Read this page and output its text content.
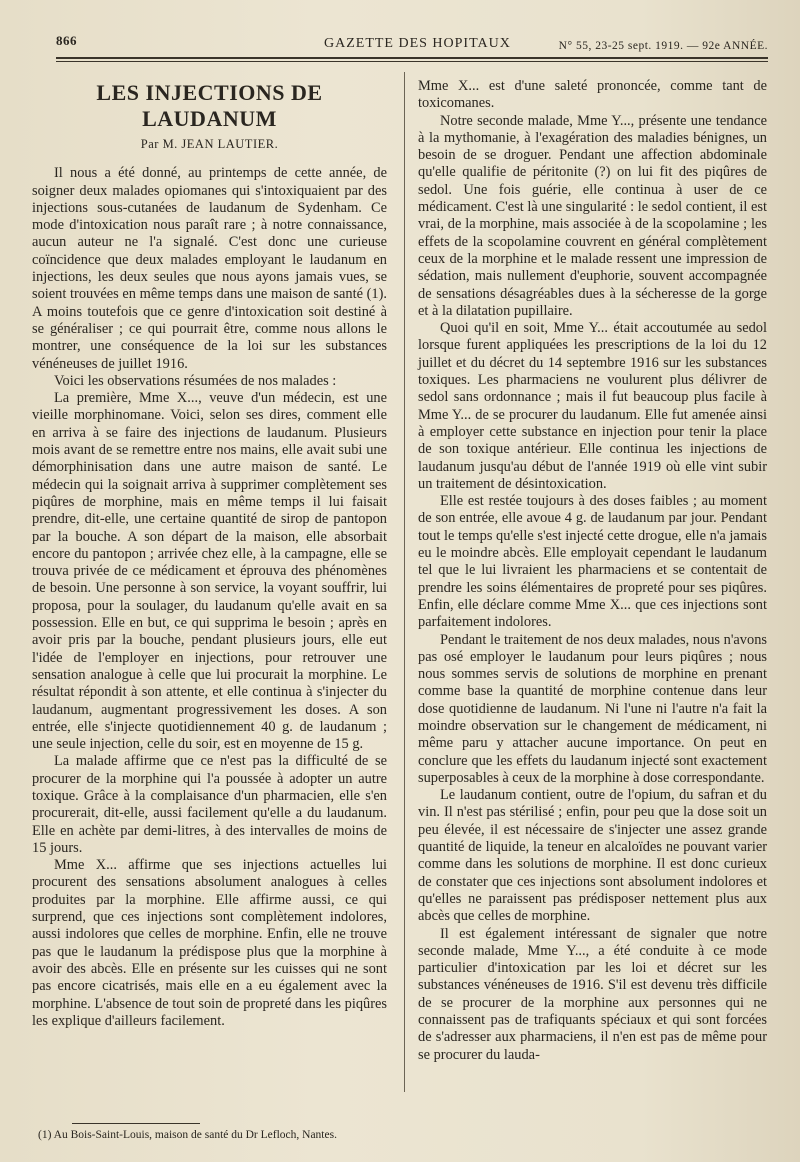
866	GAZETTE DES HOPITAUX	N° 55, 23-25 sept. 1919. — 92e ANNÉE.

LES INJECTIONS DE LAUDANUM

Par M. JEAN LAUTIER.

Il nous a été donné, au printemps de cette année, de soigner deux malades opiomanes qui s'intoxiquaient par des injections sous-cutanées de laudanum de Sydenham. Ce mode d'intoxication nous paraît rare ; à notre connaissance, aucun auteur ne l'a signalé. C'est donc une curieuse coïncidence que deux malades employant le laudanum en injections, les deux seules que nous ayons jamais vues, se soient trouvées en même temps dans une maison de santé (1). A moins toutefois que ce genre d'intoxication soit destiné à se généraliser ; ce qui pourrait être, comme nous allons le montrer, une conséquence de la loi sur les substances vénéneuses de juillet 1916.

Voici les observations résumées de nos malades :

La première, Mme X..., veuve d'un médecin, est une vieille morphinomane. Voici, selon ses dires, comment elle en arriva à se faire des injections de laudanum. Plusieurs mois avant de se remettre entre nos mains, elle avait subi une démorphinisation dans une autre maison de santé. Le médecin qui la soignait arriva à supprimer complètement ses piqûres de morphine, mais en même temps il lui faisait prendre, dit-elle, une certaine quantité de sirop de pantopon par la bouche. A son départ de la maison, elle absorbait encore du pantopon ; arrivée chez elle, à la campagne, elle se trouva privée de ce médicament et éprouva des phénomènes de besoin. Une personne à son service, la voyant souffrir, lui proposa, pour la soulager, du laudanum qu'elle avait en sa possession. Elle en but, ce qui supprima le besoin ; après en avoir pris par la bouche, pendant plusieurs jours, elle eut l'idée de l'employer en injections, pour retrouver une sensation analogue à celle que lui procurait la morphine. Le résultat répondit à son attente, et elle continua à s'injecter du laudanum, augmentant progressivement les doses. A son entrée, elle s'injecte quotidiennement 40 g. de laudanum ; une seule injection, celle du soir, est en moyenne de 15 g.

La malade affirme que ce n'est pas la difficulté de se procurer de la morphine qui l'a poussée à adopter un autre toxique. Grâce à la complaisance d'un pharmacien, elle s'en procurerait, dit-elle, aussi facilement qu'elle a du laudanum. Elle en achète par demi-litres, à des intervalles de moins de 15 jours.

Mme X... affirme que ses injections actuelles lui procurent des sensations absolument analogues à celles produites par la morphine. Elle affirme aussi, ce qui surprend, que ces injections sont complètement indolores, aussi indolores que celles de morphine. Enfin, elle ne trouve pas que le laudanum la prédispose plus que la morphine à avoir des abcès. Elle en présente sur les cuisses qui ne sont pas encore cicatrisés, mais elle en a eu également avec la morphine. L'absence de tout soin de propreté dans les piqûres les explique d'ailleurs facilement.

Mme X... est d'une saleté prononcée, comme tant de toxicomanes.

Notre seconde malade, Mme Y..., présente une tendance à la mythomanie, à l'exagération des maladies bénignes, un besoin de se droguer. Pendant une affection abdominale qu'elle qualifie de péritonite (?) on lui fit des piqûres de sedol. Une fois guérie, elle continua à user de ce médicament. C'est là une singularité : le sedol contient, il est vrai, de la morphine, mais associée à de la scopolamine ; les effets de la scopolamine couvrent en général complètement ceux de la morphine et le malade ressent une impression de sédation, mais nullement d'euphorie, souvent accompagnée de sensations désagréables dues à la sécheresse de la gorge et à la dilatation pupillaire.

Quoi qu'il en soit, Mme Y... était accoutumée au sedol lorsque furent appliquées les prescriptions de la loi du 12 juillet et du décret du 14 septembre 1916 sur les substances toxiques. Les pharmaciens ne voulurent plus délivrer de sedol sans ordonnance ; mais il fut beaucoup plus facile à Mme Y... de se procurer du laudanum. Elle fut amenée ainsi à employer cette substance en injection pour tenir la place de son toxique antérieur. Elle continua les injections de laudanum jusqu'au début de l'année 1919 où elle vint subir un traitement de désintoxication.

Elle est restée toujours à des doses faibles ; au moment de son entrée, elle avoue 4 g. de laudanum par jour. Pendant tout le temps qu'elle s'est injecté cette drogue, elle n'a jamais eu le moindre abcès. Elle employait cependant le laudanum tel que le lui livraient les pharmaciens et se contentait de prendre les soins élémentaires de propreté pour ses piqûres. Enfin, elle déclare comme Mme X... que ces injections sont parfaitement indolores.

Pendant le traitement de nos deux malades, nous n'avons pas osé employer le laudanum pour leurs piqûres ; nous nous sommes servis de solutions de morphine en prenant comme base la quantité de morphine contenue dans leur dose quotidienne de laudanum. Ni l'une ni l'autre n'a fait la moindre observation sur le changement de médicament, ni même paru y attacher aucune importance. On peut en conclure que les effets du laudanum injecté sont exactement superposables à ceux de la morphine à dose correspondante.

Le laudanum contient, outre de l'opium, du safran et du vin. Il n'est pas stérilisé ; enfin, pour peu que la dose soit un peu élevée, il est nécessaire de s'injecter une assez grande quantité de liquide, la teneur en alcaloïdes ne pouvant varier comme dans les solutions de morphine. Il est donc curieux de constater que ces injections sont absolument indolores et qu'elles ne paraissent pas prédisposer nettement plus aux abcès que celles de morphine.

Il est également intéressant de signaler que notre seconde malade, Mme Y..., a été conduite à ce mode particulier d'intoxication par les loi et décret sur les substances vénéneuses de 1916. S'il est devenu très difficile de se procurer de la morphine aux personnes qui ne connaissent pas de trafiquants spéciaux et qui sont forcées de s'adresser aux pharmaciens, il n'en est pas de même pour se procurer du lauda-

(1) Au Bois-Saint-Louis, maison de santé du Dr Lefloch, Nantes.
